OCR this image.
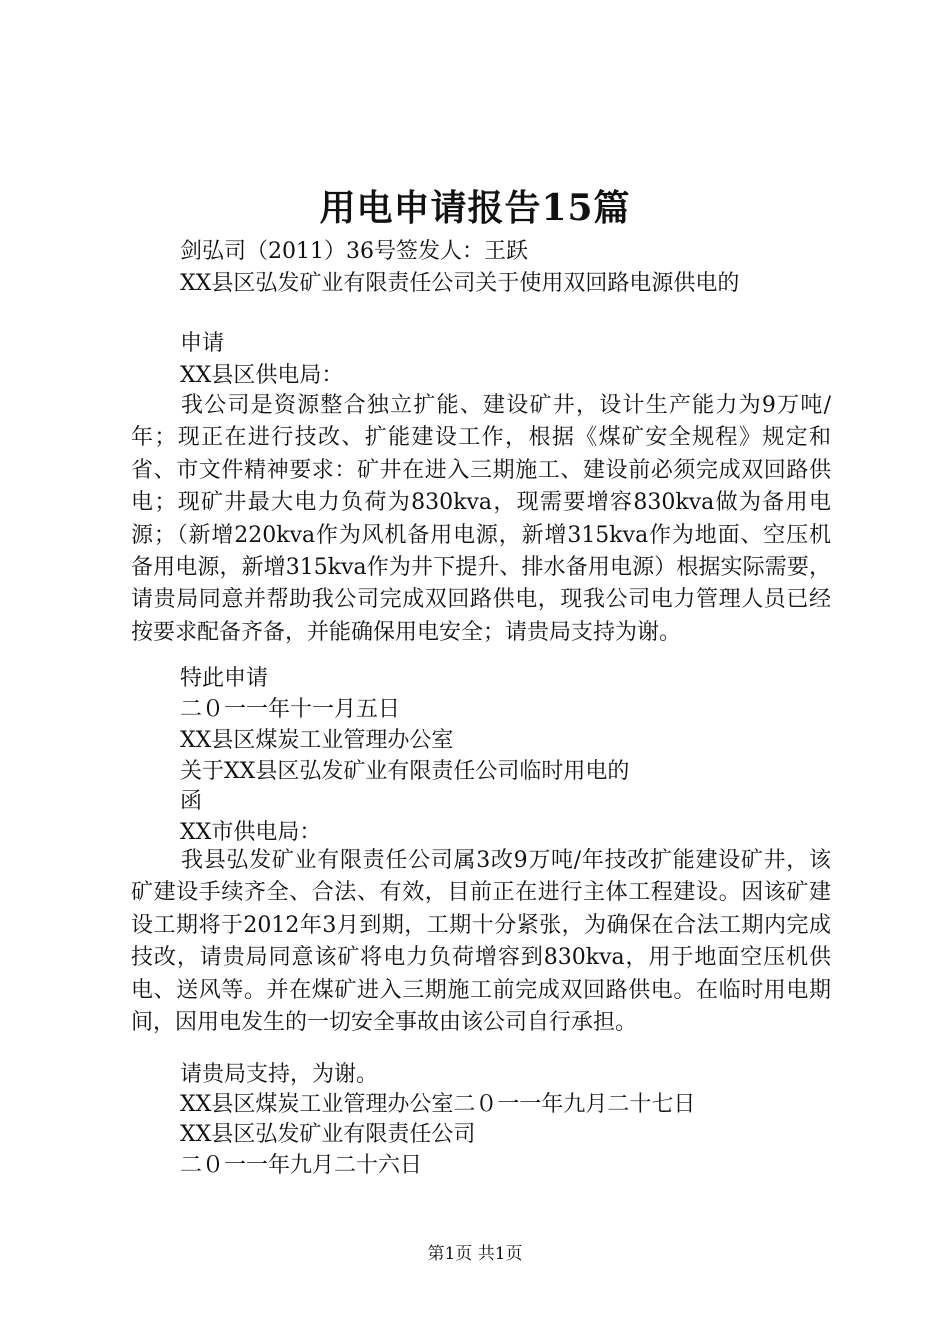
用电申请报告15篇
剑弘司（2011）36号签发人：王跃
XX县区弘发矿业有限责任公司关于使用双回路电源供电的
申请
XX县区供电局：
我公司是资源整合独立扩能、建设矿井，设计生产能力为9万吨/年；现正在进行技改、扩能建设工作，根据《煤矿安全规程》规定和省、市文件精神要求：矿井在进入三期施工、建设前必须完成双回路供电；现矿井最大电力负荷为830kva，现需要增容830kva做为备用电源；（新增220kva作为风机备用电源，新增315kva作为地面、空压机备用电源，新增315kva作为井下提升、排水备用电源）根据实际需要，请贵局同意并帮助我公司完成双回路供电，现我公司电力管理人员已经按要求配备齐备，并能确保用电安全；请贵局支持为谢。
特此申请
二０一一年十一月五日
XX县区煤炭工业管理办公室
关于XX县区弘发矿业有限责任公司临时用电的
函
XX市供电局：
我县弘发矿业有限责任公司属3改9万吨/年技改扩能建设矿井，该矿建设手续齐全、合法、有效，目前正在进行主体工程建设。因该矿建设工期将于2012年3月到期，工期十分紧张，为确保在合法工期内完成技改，请贵局同意该矿将电力负荷增容到830kva，用于地面空压机供电、送风等。并在煤矿进入三期施工前完成双回路供电。在临时用电期间，因用电发生的一切安全事故由该公司自行承担。
请贵局支持，为谢。
XX县区煤炭工业管理办公室二０一一年九月二十七日
XX县区弘发矿业有限责任公司
二０一一年九月二十六日
第1页 共1页
